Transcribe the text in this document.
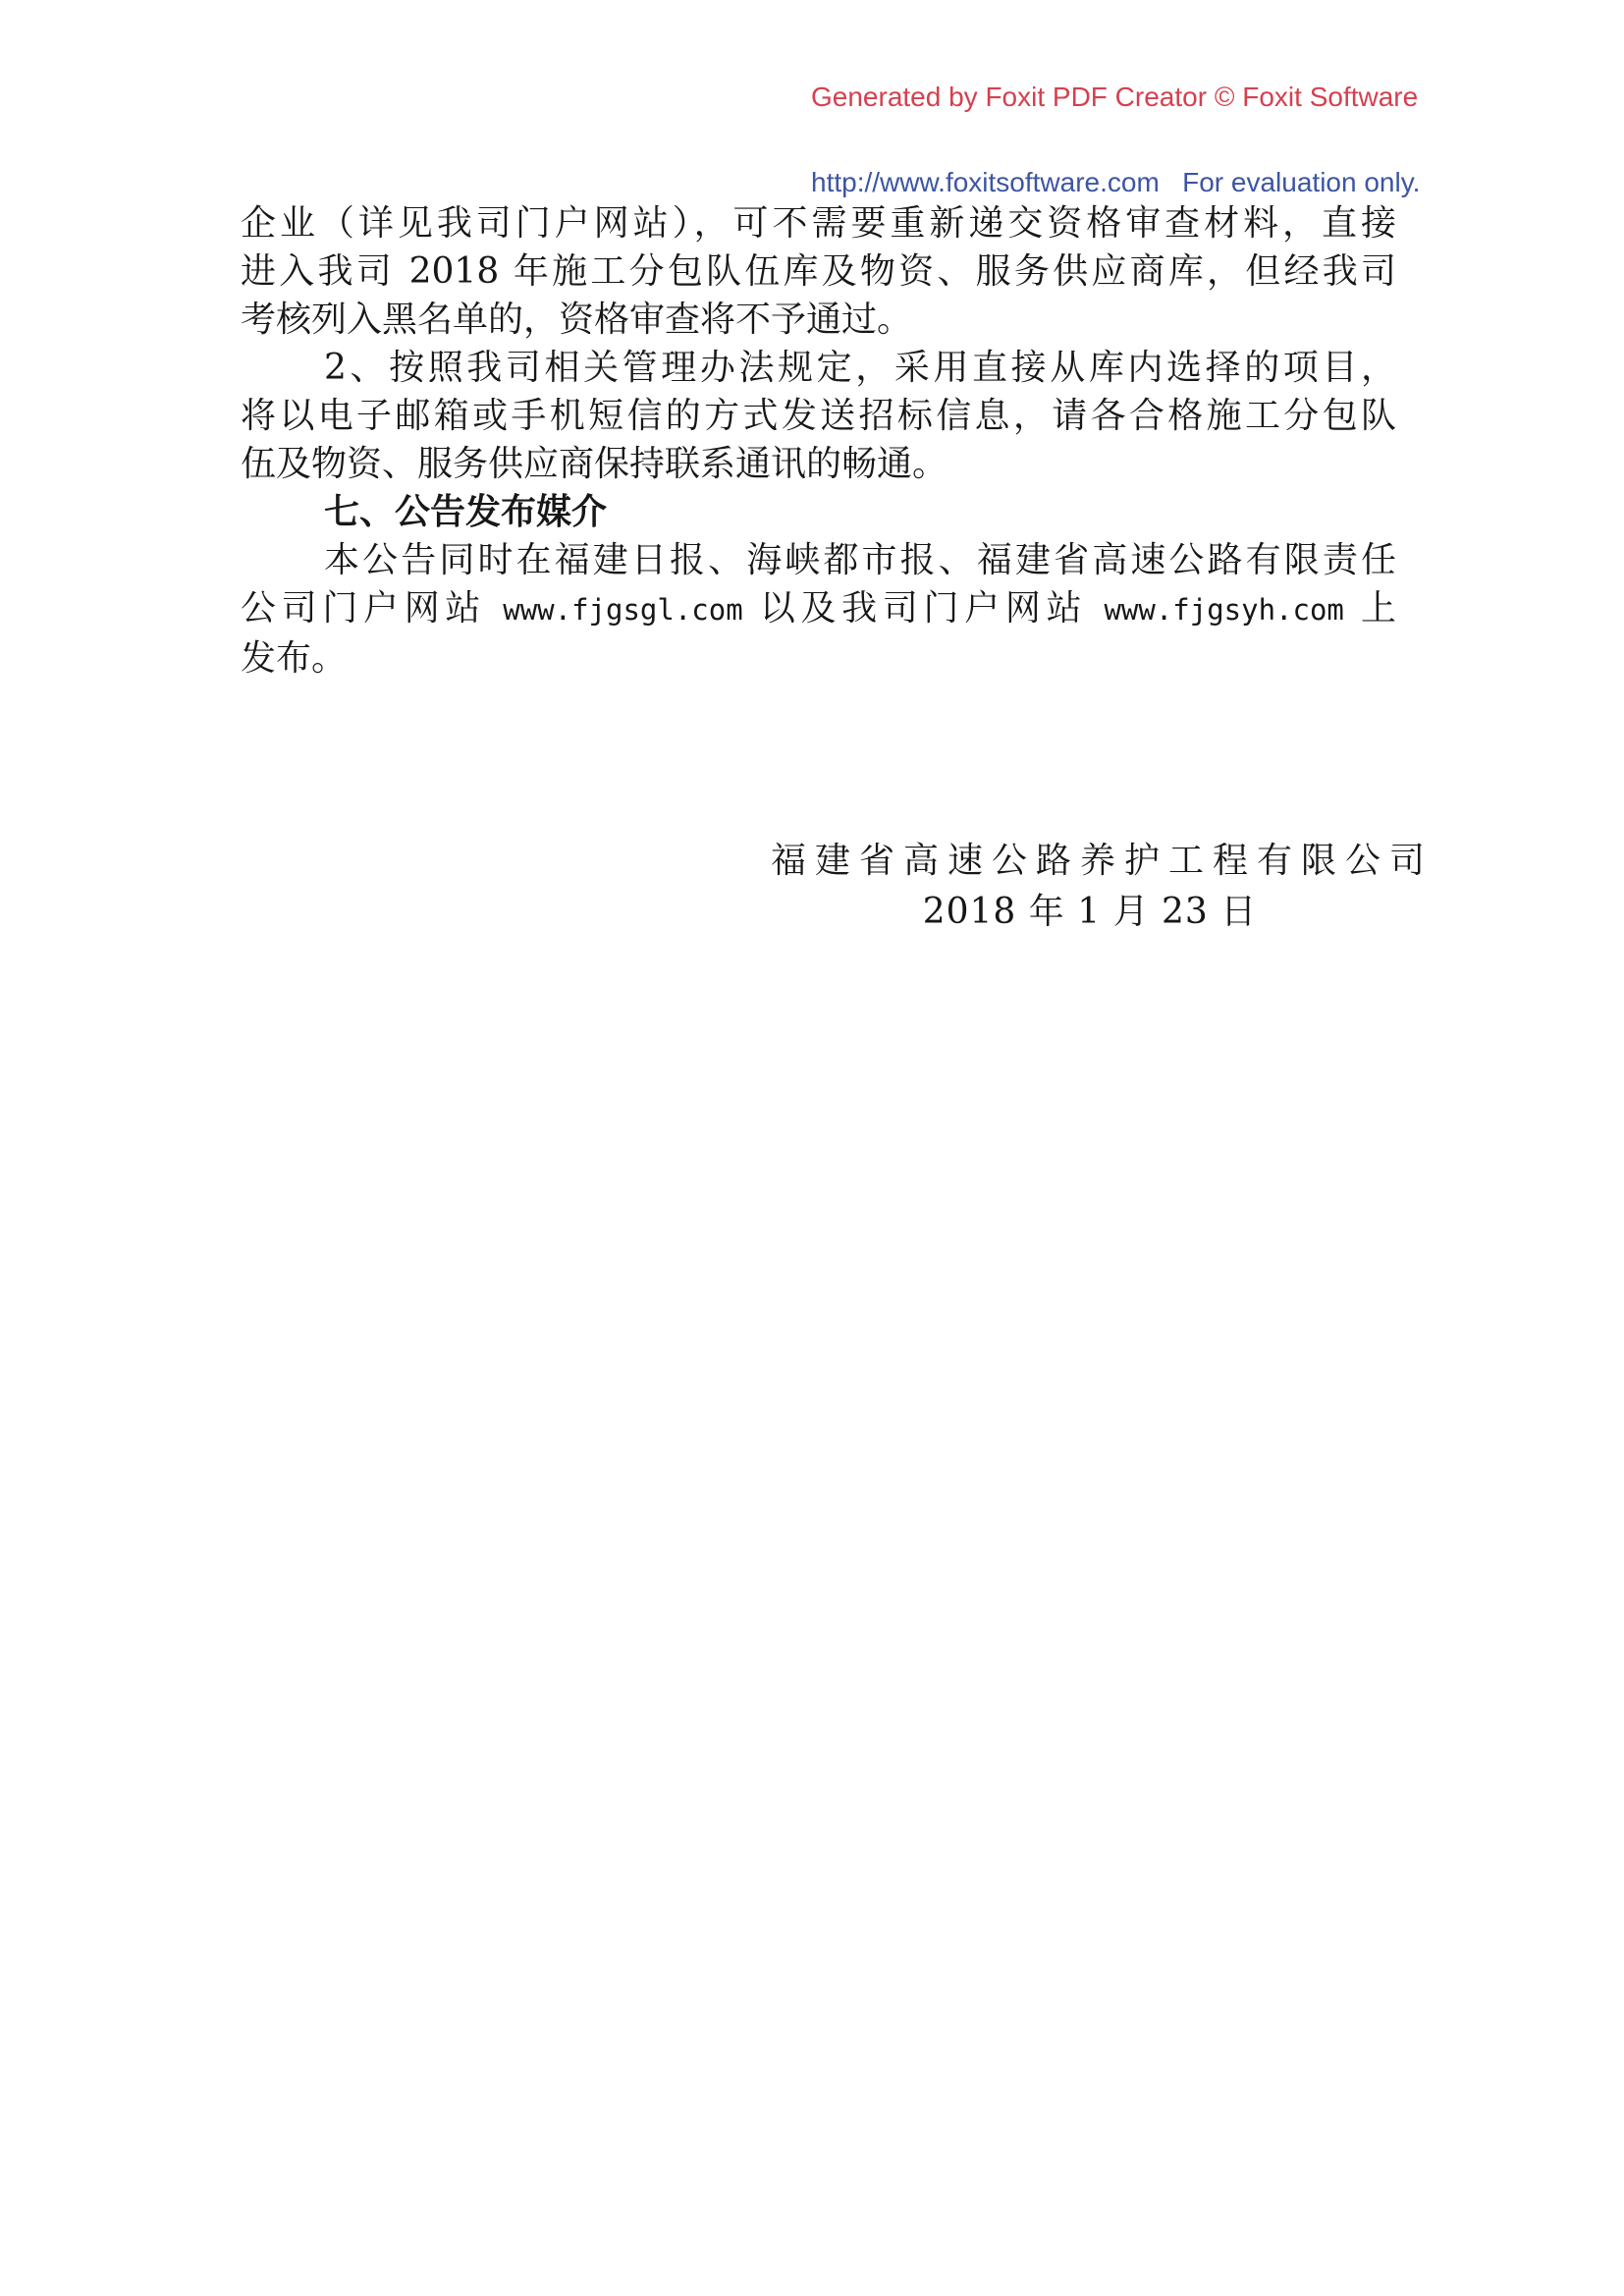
Generated by Foxit PDF Creator © Foxit Software

http://www.foxitsoftware.com   For evaluation only.

企业（详见我司门户网站），可不需要重新递交资格审查材料，直接
进入我司 2018 年施工分包队伍库及物资、服务供应商库，但经我司
考核列入黑名单的，资格审查将不予通过。
2、按照我司相关管理办法规定，采用直接从库内选择的项目，
将以电子邮箱或手机短信的方式发送招标信息，请各合格施工分包队
伍及物资、服务供应商保持联系通讯的畅通。
七、公告发布媒介
本公告同时在福建日报、海峡都市报、福建省高速公路有限责任
公司门户网站 www.fjgsgl.com 以及我司门户网站 www.fjgsyh.com 上
发布。
福建省高速公路养护工程有限公司
2018 年 1 月 23 日
